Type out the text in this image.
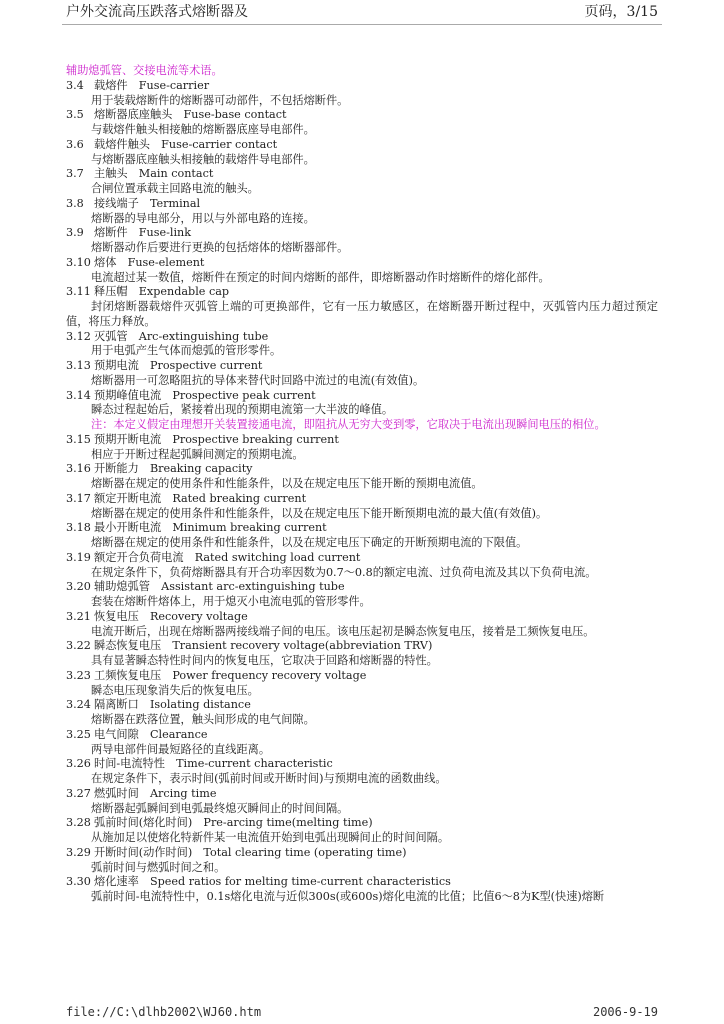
户外交流高压跌落式熔断器及	页码，3/15

辅助熄弧管、交接电流等术语。

3.4 载熔件　Fuse-carrier

用于装载熔断件的熔断器可动部件，不包括熔断件。

3.5 熔断器底座触头　Fuse-base contact

与载熔件触头相接触的熔断器底座导电部件。

3.6 载熔件触头　Fuse-carrier contact

与熔断器底座触头相接触的载熔件导电部件。

3.7 主触头　Main contact

合闸位置承载主回路电流的触头。

3.8 接线端子　Terminal

熔断器的导电部分，用以与外部电路的连接。

3.9 熔断件　Fuse-link

熔断器动作后要进行更换的包括熔体的熔断器部件。

3.10 熔体　Fuse-element

电流超过某一数值，熔断件在预定的时间内熔断的部件，即熔断器动作时熔断件的熔化部件。

3.11 释压帽　Expendable cap

封闭熔断器载熔件灭弧管上端的可更换部件，它有一压力敏感区，在熔断器开断过程中，灭弧管内压力超过预定值，将压力释放。

3.12 灭弧管　Arc-extinguishing tube

用于电弧产生气体而熄弧的管形零件。

3.13 预期电流　Prospective current

熔断器用一可忽略阻抗的导体来替代时回路中流过的电流(有效值)。

3.14 预期峰值电流　Prospective peak current

瞬态过程起始后，紧接着出现的预期电流第一大半波的峰值。

注：本定义假定由理想开关装置接通电流，即阻抗从无穷大变到零，它取决于电流出现瞬间电压的相位。

3.15 预期开断电流　Prospective breaking current

相应于开断过程起弧瞬间测定的预期电流。

3.16 开断能力　Breaking capacity

熔断器在规定的使用条件和性能条件，以及在规定电压下能开断的预期电流值。

3.17 额定开断电流　Rated breaking current

熔断器在规定的使用条件和性能条件，以及在规定电压下能开断预期电流的最大值(有效值)。

3.18 最小开断电流　Minimum breaking current

熔断器在规定的使用条件和性能条件，以及在规定电压下确定的开断预期电流的下限值。

3.19 额定开合负荷电流　Rated switching load current

在规定条件下，负荷熔断器具有开合功率因数为0.7～0.8的额定电流、过负荷电流及其以下负荷电流。

3.20 辅助熄弧管　Assistant arc-extinguishing tube

套装在熔断件熔体上，用于熄灭小电流电弧的管形零件。

3.21 恢复电压　Recovery voltage

电流开断后，出现在熔断器两接线端子间的电压。该电压起初是瞬态恢复电压，接着是工频恢复电压。

3.22 瞬态恢复电压　Transient recovery voltage(abbreviation TRV)

具有显著瞬态特性时间内的恢复电压，它取决于回路和熔断器的特性。

3.23 工频恢复电压　Power frequency recovery voltage

瞬态电压现象消失后的恢复电压。

3.24 隔离断口　Isolating distance

熔断器在跌落位置，触头间形成的电气间隙。

3.25 电气间隙　Clearance

两导电部件间最短路径的直线距离。

3.26 时间-电流特性　Time-current characteristic

在规定条件下，表示时间(弧前时间或开断时间)与预期电流的函数曲线。

3.27 燃弧时间　Arcing time

熔断器起弧瞬间到电弧最终熄灭瞬间止的时间间隔。

3.28 弧前时间(熔化时间)　Pre-arcing time(melting time)

从施加足以使熔化特新件某一电流值开始到电弧出现瞬间止的时间间隔。

3.29 开断时间(动作时间)　Total clearing time (operating time)

弧前时间与燃弧时间之和。

3.30 熔化速率　Speed ratios for melting time-current characteristics

弧前时间-电流特性中，0.1s熔化电流与近似300s(或600s)熔化电流的比值；比值6～8为K型(快速)熔断

file://C:\dlhb2002\WJ60.htm	2006-9-19
